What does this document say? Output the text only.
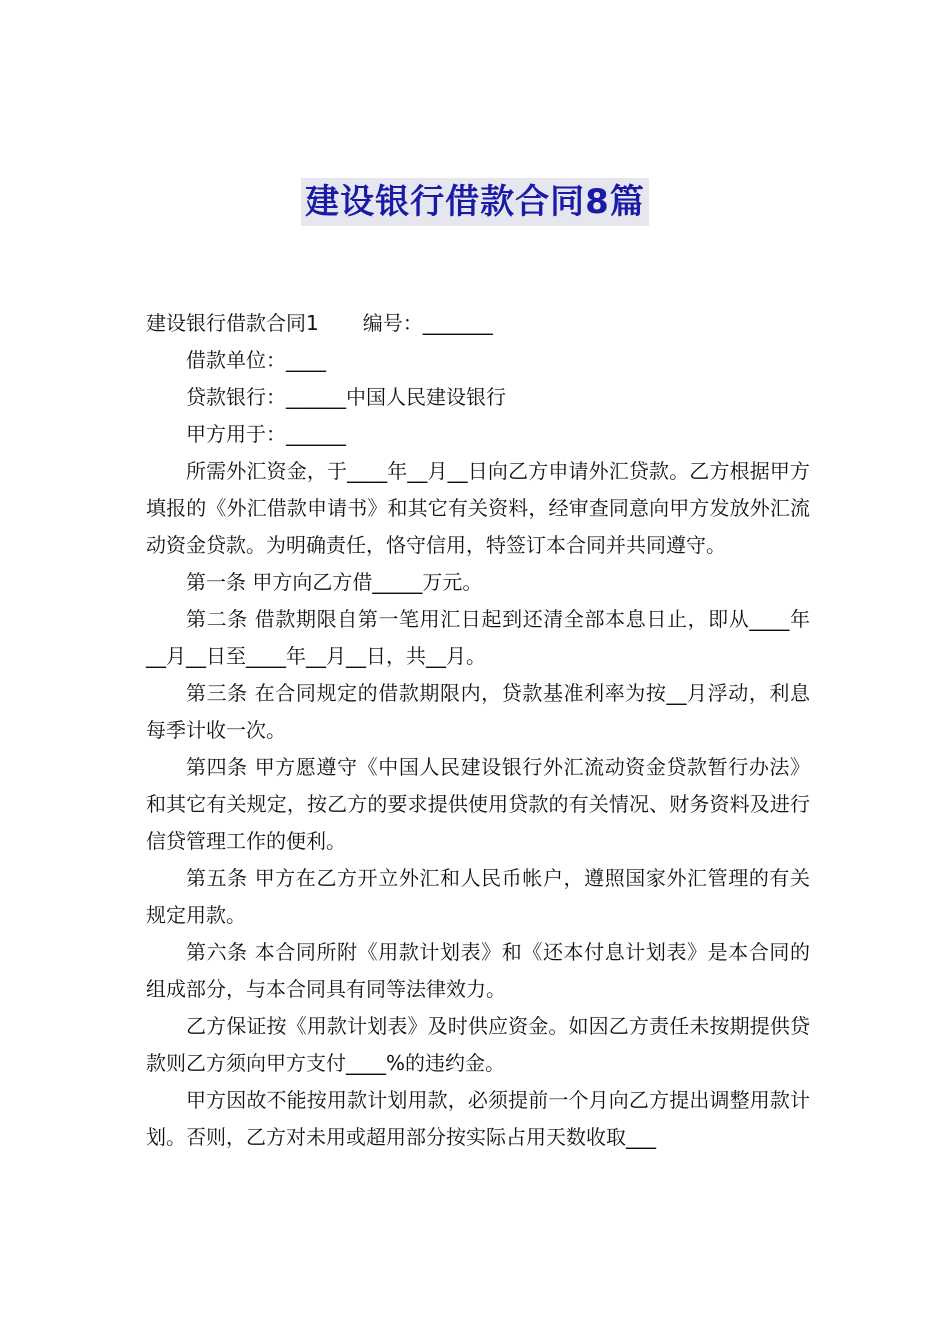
建设银行借款合同8篇

建设银行借款合同1 编号：_______

借款单位：____

贷款银行：______中国人民建设银行

甲方用于：______

所需外汇资金，于____年__月__日向乙方申请外汇贷款。乙方根据甲方填报的《外汇借款申请书》和其它有关资料，经审查同意向甲方发放外汇流动资金贷款。为明确责任，恪守信用，特签订本合同并共同遵守。

第一条 甲方向乙方借_____万元。

第二条 借款期限自第一笔用汇日起到还清全部本息日止，即从____年__月__日至____年__月__日，共__月。

第三条 在合同规定的借款期限内，贷款基准利率为按__月浮动，利息每季计收一次。

第四条 甲方愿遵守《中国人民建设银行外汇流动资金贷款暂行办法》和其它有关规定，按乙方的要求提供使用贷款的有关情况、财务资料及进行信贷管理工作的便利。

第五条 甲方在乙方开立外汇和人民币帐户，遵照国家外汇管理的有关规定用款。

第六条 本合同所附《用款计划表》和《还本付息计划表》是本合同的组成部分，与本合同具有同等法律效力。

乙方保证按《用款计划表》及时供应资金。如因乙方责任未按期提供贷款则乙方须向甲方支付____%的违约金。

甲方因故不能按用款计划用款，必须提前一个月向乙方提出调整用款计划。否则，乙方对未用或超用部分按实际占用天数收取___
